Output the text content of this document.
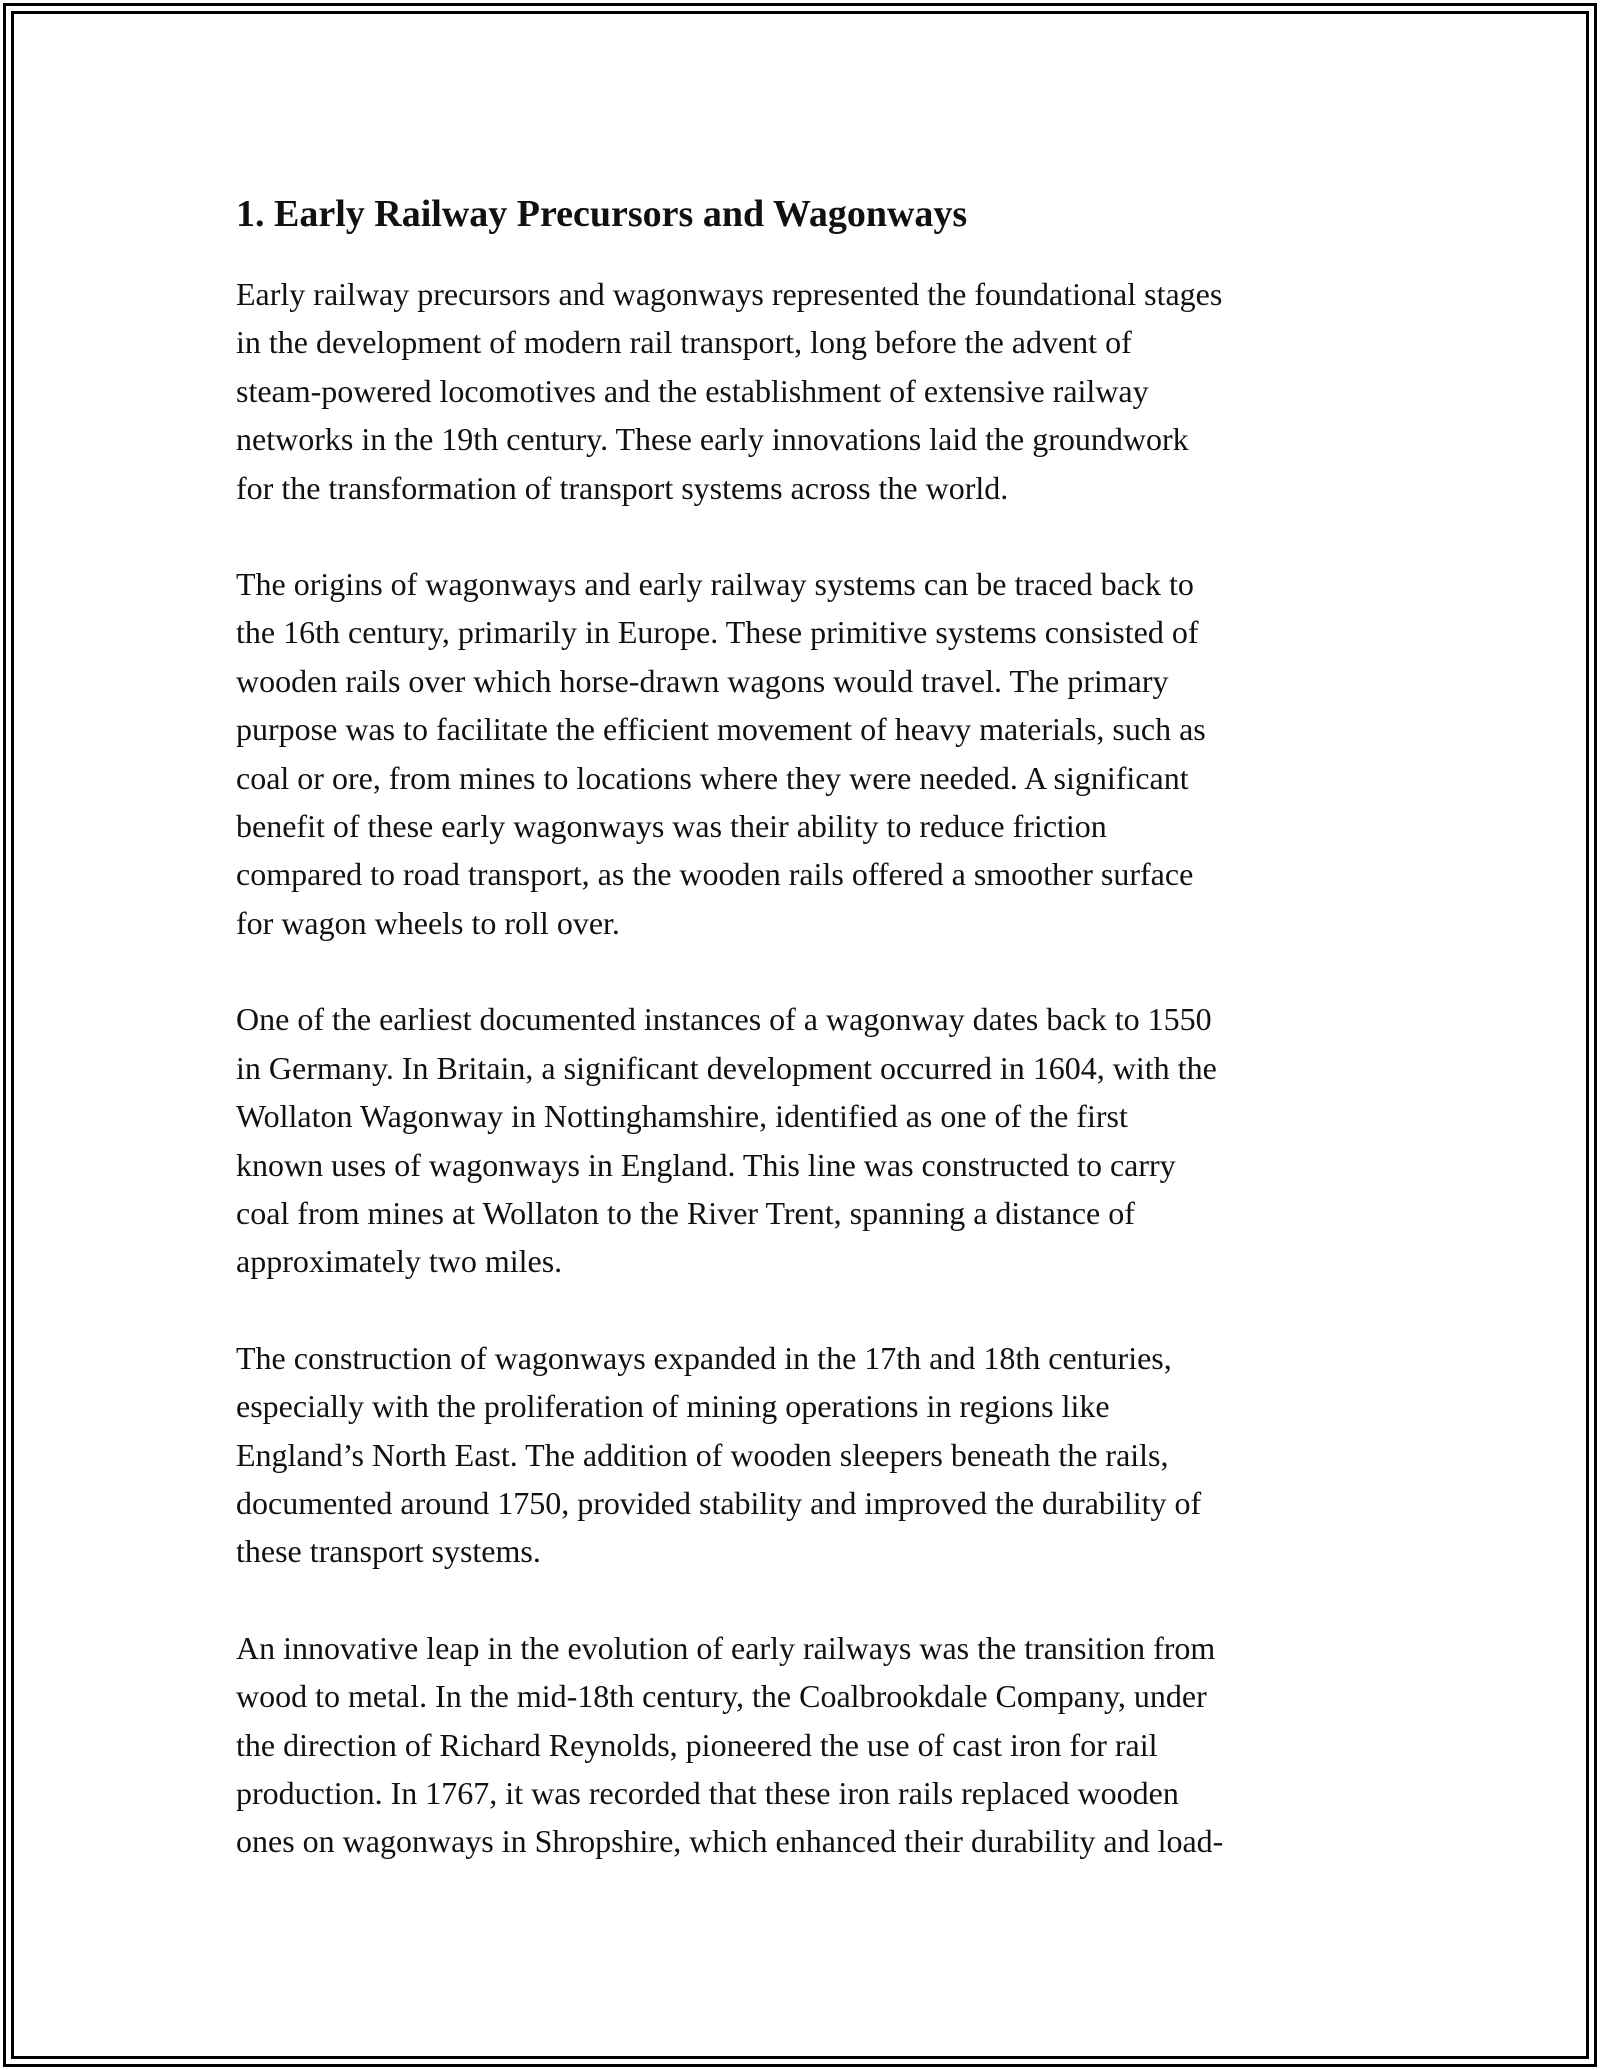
1. Early Railway Precursors and Wagonways

Early railway precursors and wagonways represented the foundational stages
in the development of modern rail transport, long before the advent of
steam-powered locomotives and the establishment of extensive railway
networks in the 19th century. These early innovations laid the groundwork
for the transformation of transport systems across the world.

The origins of wagonways and early railway systems can be traced back to
the 16th century, primarily in Europe. These primitive systems consisted of
wooden rails over which horse-drawn wagons would travel. The primary
purpose was to facilitate the efficient movement of heavy materials, such as
coal or ore, from mines to locations where they were needed. A significant
benefit of these early wagonways was their ability to reduce friction
compared to road transport, as the wooden rails offered a smoother surface
for wagon wheels to roll over.

One of the earliest documented instances of a wagonway dates back to 1550
in Germany. In Britain, a significant development occurred in 1604, with the
Wollaton Wagonway in Nottinghamshire, identified as one of the first
known uses of wagonways in England. This line was constructed to carry
coal from mines at Wollaton to the River Trent, spanning a distance of
approximately two miles.

The construction of wagonways expanded in the 17th and 18th centuries,
especially with the proliferation of mining operations in regions like
England’s North East. The addition of wooden sleepers beneath the rails,
documented around 1750, provided stability and improved the durability of
these transport systems.

An innovative leap in the evolution of early railways was the transition from
wood to metal. In the mid-18th century, the Coalbrookdale Company, under
the direction of Richard Reynolds, pioneered the use of cast iron for rail
production. In 1767, it was recorded that these iron rails replaced wooden
ones on wagonways in Shropshire, which enhanced their durability and load-
